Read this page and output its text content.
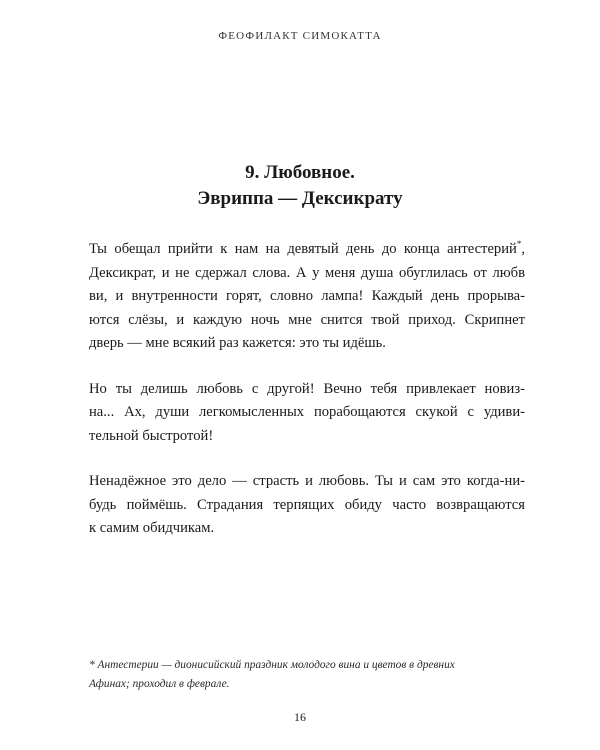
ФЕОФИЛАКТ СИМОКАТТА
9. Любовное.
Эвриппа — Дексикрату

Ты обещал прийти к нам на девятый день до конца антестерий*,
Дексикрат, и не сдержал слова. А у меня душа обуглилась от любв
ви, и внутренности горят, словно лампа! Каждый день прорыва-
ются слёзы, и каждую ночь мне снится твой приход. Скрипнет
дверь — мне всякий раз кажется: это ты идёшь.

Но ты делишь любовь с другой! Вечно тебя привлекает новиз-
на... Ах, души легкомысленных порабощаются скукой с удиви-
тельной быстротой!

Ненадёжное это дело — страсть и любовь. Ты и сам это когда-ни-
будь поймёшь. Страдания терпящих обиду часто возвращаются
к самим обидчикам.

* Антестерии — дионисийский праздник молодого вина и цветов в древних
Афинах; проходил в феврале.
16
